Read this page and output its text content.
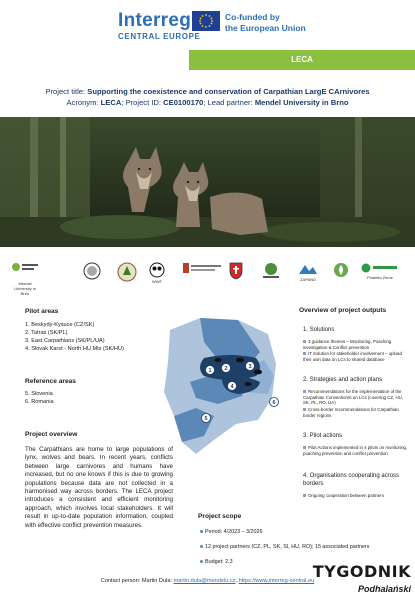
Interreg
CENTRAL EUROPE
Co-funded by
the European Union
LECA
Project title: Supporting the coexistence and conservation of Carpathian LargE CArnivores
Acronym: LECA; Project ID: CE0100170; Lead partner: Mendel University in Brno
Mendel University in Brno
WWF	ZAPAND	Priatelia Zeme
Pilot areas
1. Beskydy-Kysuce (CZ/SK)
2. Tatras (SK/PL)
3. East Carpathians (SK/PL/UA)
4. Slovak Karst - North HU Mts (SK/HU)
Reference areas
5. Slovenia
6. Romania
Project overview
The Carpathians are home to large populations of lynx, wolves and bears. In recent years, conflicts between large carnivores and humans have increased, but no one knows if this is due to growing populations because data are not collected in a harmonised way across borders. The LECA project introduces a consistent and efficient monitoring approach, which involves local stakeholders. It will result in up-to-date population information, coupled with effective conflict prevention measures.
1 2	3
4
5
6
Overview of project outputs
1. Solutions
3 guidance themes – Monitoring, Poaching investigation & Conflict prevention
IT Solution for stakeholder involvement – upload their own data on LCs to shared database
2. Strategies and action plans
Recommendations for the implementation of the Carpathian Conventionnt on LCs (covering CZ, HU, SK, PL, RO, UA)
Cross-border recommendations for Carpathian border regions
3. Pilot actions
Pilot Actions implemented in 4 pilots on monitoring, poaching prevention and conflict prevention
4. Organisations cooperating across borders
Ongoing cooperation between partners
Project scope
Period: 4/2023 – 3/2026
12 project partners (CZ, PL, SK, SI, HU, RO); 15 associated partners
Budget: 2,3
Contact person: Martin Dula: martin.dula@mendelu.cz, https://www.interreg-central.eu
TYGODNIK
Podhalański
